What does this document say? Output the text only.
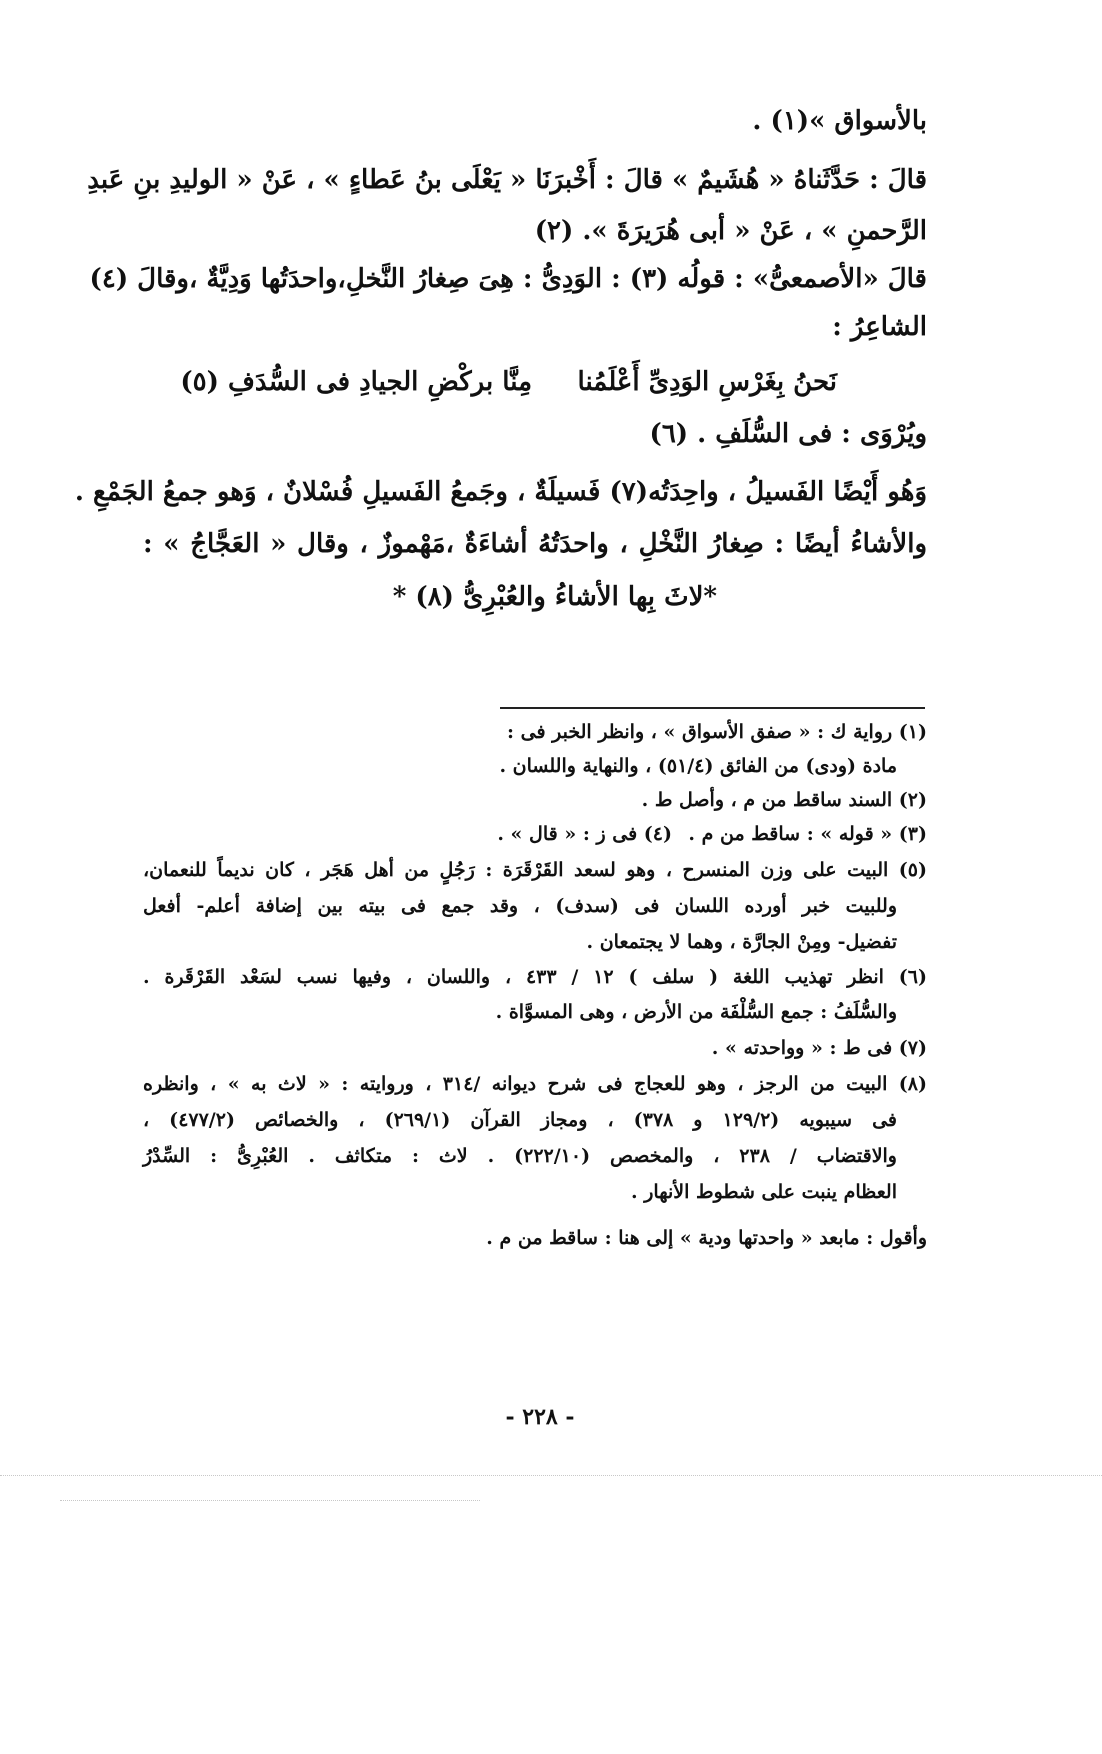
بالأسواق »(١) .
قالَ : حَدَّثَناهُ « هُشَيمٌ » قالَ : أَخْبرَنَا « يَعْلَى بنُ عَطاءٍ » ، عَنْ « الوليدِ بنِ عَبدِ
الرَّحمنِ » ، عَنْ « أبى هُرَيرَةَ ». (٢)
قالَ «الأصمعىُّ» : قولُه (٣) : الوَدِىُّ : هِىَ صِغارُ النَّخلِ،واحدَتُها وَدِيَّةٌ ،وقالَ (٤)
الشاعِرُ :
نَحنُ بِغَرْسِ الوَدِىِّ أَعْلَمُنا
مِنَّا بركْضِ الجيادِ فى السُّدَفِ (٥)
ويُرْوَى : فى السُّلَفِ . (٦)
وَهُو أَيْضًا الفَسيلُ ، واحِدَتُه(٧) فَسيلَةٌ ، وجَمعُ الفَسيلِ فُسْلانٌ ، وَهو جمعُ الجَمْعِ .
والأشاءُ أيضًا : صِغارُ النَّخْلِ ، واحدَتُهُ أشاءَةٌ ،مَهْموزٌ ، وقال « العَجَّاجُ » :
*لاثَ بِها الأشاءُ والعُبْرِىُّ (٨) *
(١) رواية ك : « صفق الأسواق » ، وانظر الخبر فى :
مادة (ودى) من الفائق (٥١/٤) ، والنهاية واللسان .
(٢) السند ساقط من م ، وأصل ط .
(٣) « قوله » : ساقط من م .
(٤) فى ز : « قال » .
(٥) البيت على وزن المنسرح ، وهو لسعد القَرْقَرَة : رَجُلٍ من أهل هَجَر ، كان نديماً للنعمان،
وللبيت خبر أورده اللسان فى (سدف) ، وقد جمع فى بيته بين إضافة أعلم- أفعل
تفضيل- ومِنْ الجارَّة ، وهما لا يجتمعان .
(٦) انظر تهذيب اللغة ( سلف ) ١٢ / ٤٣٣ ، واللسان ، وفيها نسب لسَعْد القَرْقَرة .
والسُّلَفُ : جمع السُّلْفَة من الأرض ، وهى المسوَّاة .
(٧) فى ط : « وواحدته » .
(٨) البيت من الرجز ، وهو للعجاج فى شرح ديوانه /٣١٤ ، وروايته : « لاث به » ، وانظره
فى سيبويه (١٢٩/٢ و ٣٧٨) ، ومجاز القرآن (٢٦٩/١) ، والخصائص (٤٧٧/٢) ،
والاقتضاب / ٢٣٨ ، والمخصص (٢٢٢/١٠) . لاث : متكاثف . العُبْرِىُّ : السِّدْرُ
العظام ينبت على شطوط الأنهار .
وأقول : مابعد « واحدتها ودية » إلى هنا : ساقط من م .
- ٢٢٨ -
